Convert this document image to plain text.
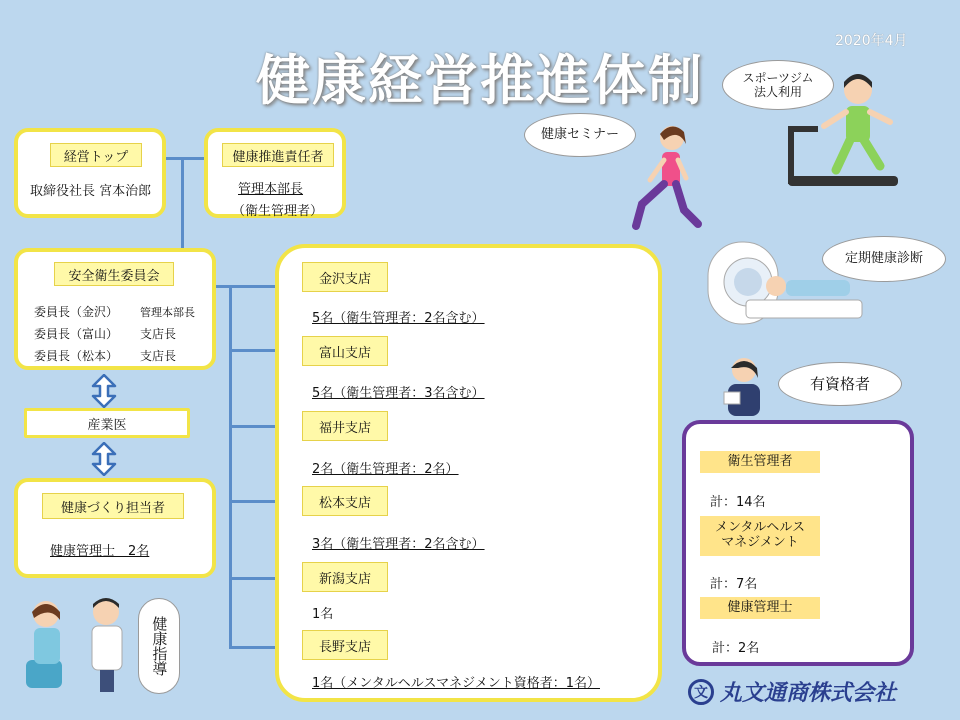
健康経営推進体制
2020年4月
経営トップ
取締役社長 宮本治郎
健康推進責任者
管理本部長
（衛生管理者）
安全衛生委員会
委員長（金沢） 管理本部長
委員長（富山） 支店長
委員長（松本） 支店長
産業医
健康づくり担当者
健康管理士　2名
金沢支店
5名（衛生管理者：2名含む）
富山支店
5名（衛生管理者：3名含む）
福井支店
2名（衛生管理者：2名）
松本支店
3名（衛生管理者：2名含む）
新潟支店
1名
長野支店
1名（メンタルヘルスマネジメント資格者：1名）
衛生管理者
計：14名
メンタルヘルス
マネジメント
計：7名
健康管理士
計：2名
有資格者
健康セミナー
スポーツジム
法人利用
定期健康診断
健康指導
文 丸文通商株式会社
